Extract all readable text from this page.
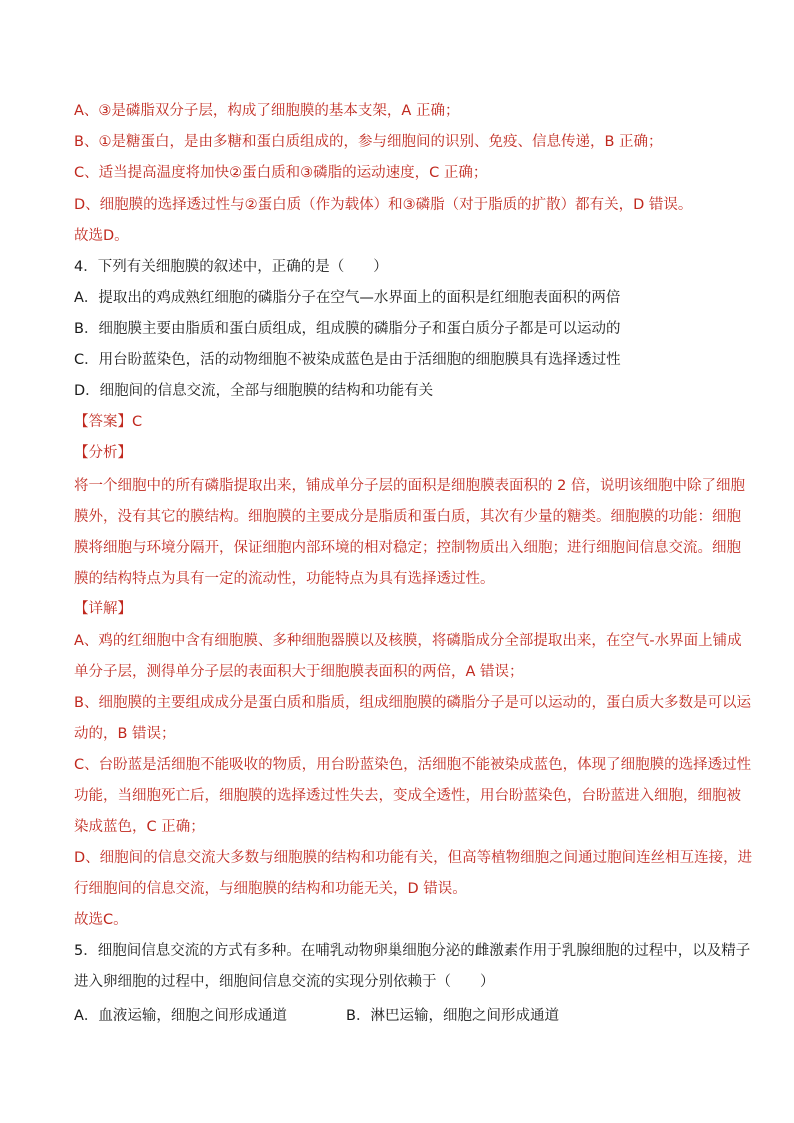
A、③是磷脂双分子层，构成了细胞膜的基本支架，A 正确；

B、①是糖蛋白，是由多糖和蛋白质组成的，参与细胞间的识别、免疫、信息传递，B 正确；

C、适当提高温度将加快②蛋白质和③磷脂的运动速度，C 正确；

D、细胞膜的选择透过性与②蛋白质（作为载体）和③磷脂（对于脂质的扩散）都有关，D 错误。

故选D。

4．下列有关细胞膜的叙述中，正确的是（　　）

A．提取出的鸡成熟红细胞的磷脂分子在空气—水界面上的面积是红细胞表面积的两倍

B．细胞膜主要由脂质和蛋白质组成，组成膜的磷脂分子和蛋白质分子都是可以运动的

C．用台盼蓝染色，活的动物细胞不被染成蓝色是由于活细胞的细胞膜具有选择透过性

D．细胞间的信息交流，全部与细胞膜的结构和功能有关

【答案】C

【分析】

将一个细胞中的所有磷脂提取出来，铺成单分子层的面积是细胞膜表面积的 2 倍，说明该细胞中除了细胞

膜外，没有其它的膜结构。细胞膜的主要成分是脂质和蛋白质，其次有少量的糖类。细胞膜的功能：细胞

膜将细胞与环境分隔开，保证细胞内部环境的相对稳定；控制物质出入细胞；进行细胞间信息交流。细胞

膜的结构特点为具有一定的流动性，功能特点为具有选择透过性。

【详解】

A、鸡的红细胞中含有细胞膜、多种细胞器膜以及核膜，将磷脂成分全部提取出来，在空气-水界面上铺成

单分子层，测得单分子层的表面积大于细胞膜表面积的两倍，A 错误；

B、细胞膜的主要组成成分是蛋白质和脂质，组成细胞膜的磷脂分子是可以运动的，蛋白质大多数是可以运

动的，B 错误；

C、台盼蓝是活细胞不能吸收的物质，用台盼蓝染色，活细胞不能被染成蓝色，体现了细胞膜的选择透过性

功能，当细胞死亡后，细胞膜的选择透过性失去，变成全透性，用台盼蓝染色，台盼蓝进入细胞，细胞被

染成蓝色，C 正确；

D、细胞间的信息交流大多数与细胞膜的结构和功能有关，但高等植物细胞之间通过胞间连丝相互连接，进

行细胞间的信息交流，与细胞膜的结构和功能无关，D 错误。

故选C。

5．细胞间信息交流的方式有多种。在哺乳动物卵巢细胞分泌的雌激素作用于乳腺细胞的过程中，以及精子

进入卵细胞的过程中，细胞间信息交流的实现分别依赖于（　　）

A．血液运输，细胞之间形成通道	B．淋巴运输，细胞之间形成通道
